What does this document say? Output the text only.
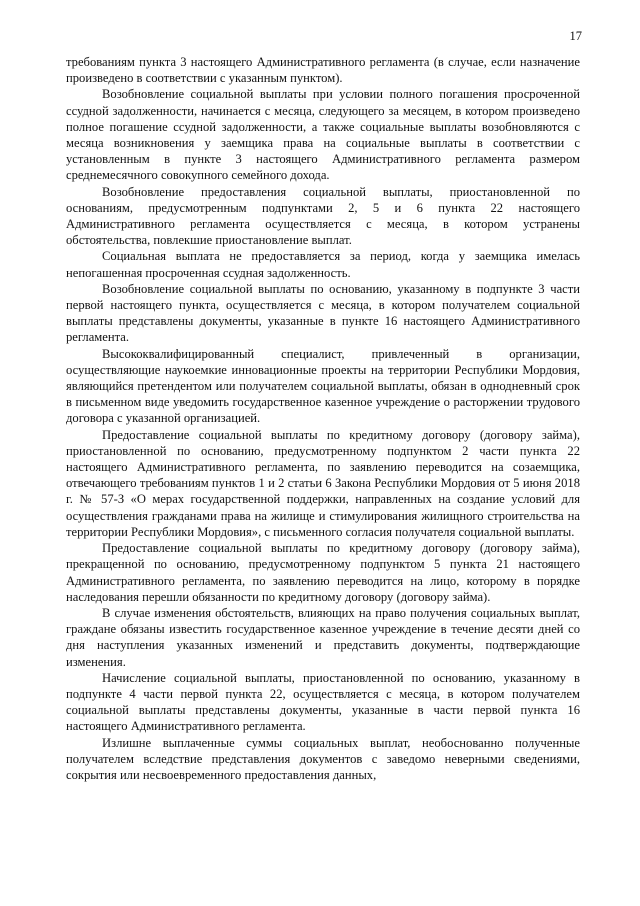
17

требованиям пункта 3 настоящего Административного регламента (в случае, если назначение произведено в соответствии с указанным пунктом).

Возобновление социальной выплаты при условии полного погашения просроченной ссудной задолженности, начинается с месяца, следующего за месяцем, в котором произведено полное погашение ссудной задолженности, а также социальные выплаты возобновляются с месяца возникновения у заемщика права на социальные выплаты в соответствии с установленным в пункте 3 настоящего Административного регламента размером среднемесячного совокупного семейного дохода.

Возобновление предоставления социальной выплаты, приостановленной по основаниям, предусмотренным подпунктами 2, 5 и 6 пункта 22 настоящего Административного регламента осуществляется с месяца, в котором устранены обстоятельства, повлекшие приостановление выплат.

Социальная выплата не предоставляется за период, когда у заемщика имелась непогашенная просроченная ссудная задолженность.

Возобновление социальной выплаты по основанию, указанному в подпункте 3 части первой настоящего пункта, осуществляется с месяца, в котором получателем социальной выплаты представлены документы, указанные в пункте 16 настоящего Административного регламента.

Высококвалифицированный специалист, привлеченный в организации, осуществляющие наукоемкие инновационные проекты на территории Республики Мордовия, являющийся претендентом или получателем социальной выплаты, обязан в однодневный срок в письменном виде уведомить государственное казенное учреждение о расторжении трудового договора с указанной организацией.

Предоставление социальной выплаты по кредитному договору (договору займа), приостановленной по основанию, предусмотренному подпунктом 2 части пункта 22 настоящего Административного регламента, по заявлению переводится на созаемщика, отвечающего требованиям пунктов 1 и 2 статьи 6 Закона Республики Мордовия от 5 июня 2018 г. № 57-З «О мерах государственной поддержки, направленных на создание условий для осуществления гражданами права на жилище и стимулирования жилищного строительства на территории Республики Мордовия», с письменного согласия получателя социальной выплаты.

Предоставление социальной выплаты по кредитному договору (договору займа), прекращенной по основанию, предусмотренному подпунктом 5 пункта 21 настоящего Административного регламента, по заявлению переводится на лицо, которому в порядке наследования перешли обязанности по кредитному договору (договору займа).

В случае изменения обстоятельств, влияющих на право получения социальных выплат, граждане обязаны известить государственное казенное учреждение в течение десяти дней со дня наступления указанных изменений и представить документы, подтверждающие изменения.

Начисление социальной выплаты, приостановленной по основанию, указанному в подпункте 4 части первой пункта 22, осуществляется с месяца, в котором получателем социальной выплаты представлены документы, указанные в части первой пункта 16 настоящего Административного регламента.

Излишне выплаченные суммы социальных выплат, необоснованно полученные получателем вследствие представления документов с заведомо неверными сведениями, сокрытия или несвоевременного предоставления данных,
